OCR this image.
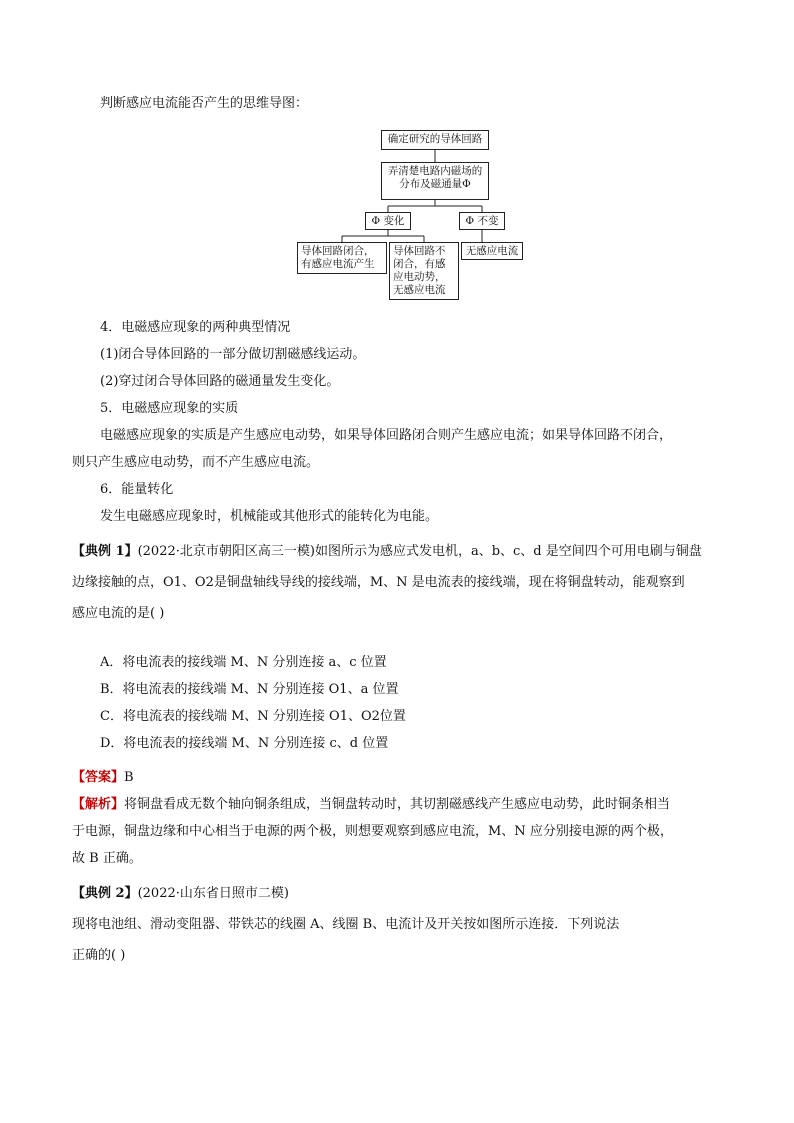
判断感应电流能否产生的思维导图：
确定研究的导体回路
弄清楚电路内磁场的分布及磁通量Φ
Φ 变化	Φ 不变
导体回路闭合，有感应电流产生
导体回路不闭合，有感应电动势，无感应电流
无感应电流
4．电磁感应现象的两种典型情况
(1)闭合导体回路的一部分做切割磁感线运动。
(2)穿过闭合导体回路的磁通量发生变化。
5．电磁感应现象的实质
电磁感应现象的实质是产生感应电动势，如果导体回路闭合则产生感应电流；如果导体回路不闭合，
则只产生感应电动势，而不产生感应电流。
6．能量转化
发生电磁感应现象时，机械能或其他形式的能转化为电能。
【典例 1】(2022·北京市朝阳区高三一模)如图所示为感应式发电机，a、b、c、d 是空间四个可用电刷与铜盘
边缘接触的点，O1、O2是铜盘轴线导线的接线端，M、N 是电流表的接线端，现在将铜盘转动，能观察到
感应电流的是( )
A．将电流表的接线端 M、N 分别连接 a、c 位置
B．将电流表的接线端 M、N 分别连接 O1、a 位置
C．将电流表的接线端 M、N 分别连接 O1、O2位置
D．将电流表的接线端 M、N 分别连接 c、d 位置
【答案】B
【解析】将铜盘看成无数个轴向铜条组成，当铜盘转动时，其切割磁感线产生感应电动势，此时铜条相当
于电源，铜盘边缘和中心相当于电源的两个极，则想要观察到感应电流，M、N 应分别接电源的两个极，
故 B 正确。
【典例 2】(2022·山东省日照市二模)
现将电池组、滑动变阻器、带铁芯的线圈 A、线圈 B、电流计及开关按如图所示连接．下列说法
正确的( )
